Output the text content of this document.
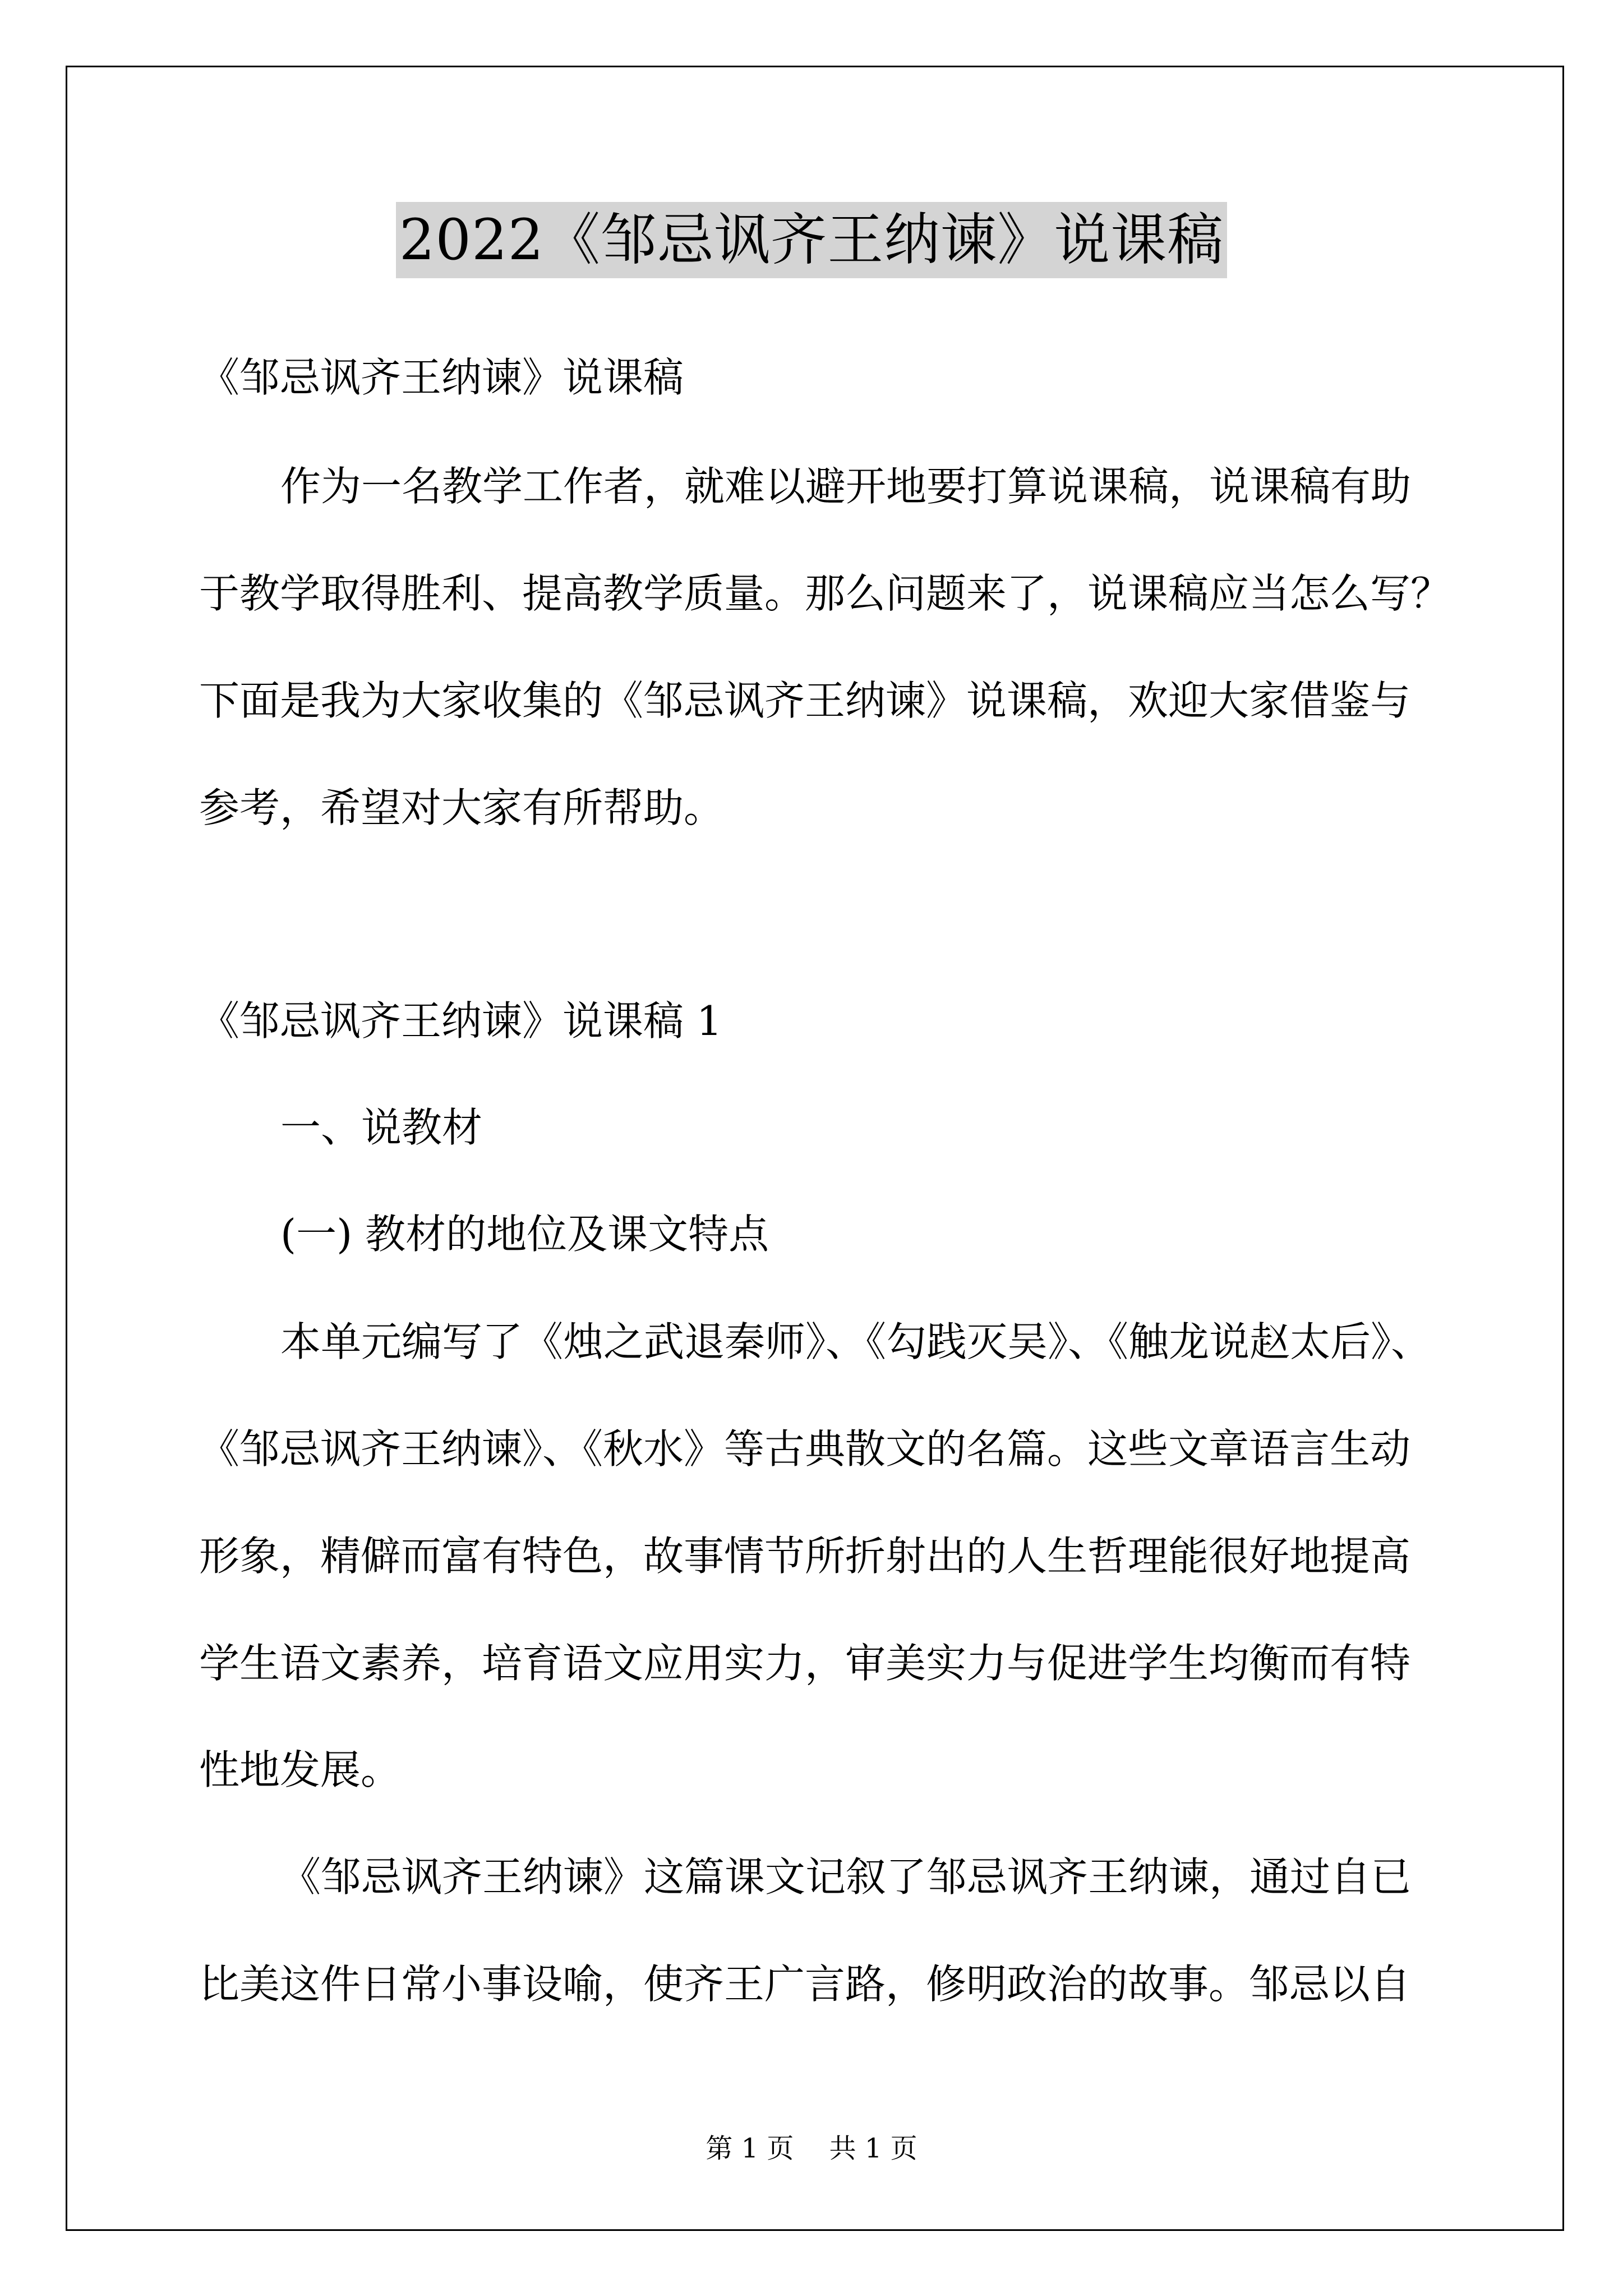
2022《邹忌讽齐王纳谏》说课稿
《邹忌讽齐王纳谏》说课稿
作为一名教学工作者，就难以避开地要打算说课稿，说课稿有助
于教学取得胜利、提高教学质量。那么问题来了，说课稿应当怎么写？
下面是我为大家收集的《邹忌讽齐王纳谏》说课稿，欢迎大家借鉴与
参考，希望对大家有所帮助。
《邹忌讽齐王纳谏》说课稿 1
一、说教材
(一) 教材的地位及课文特点
本单元编写了《烛之武退秦师》、《勾践灭吴》、《触龙说赵太后》、
《邹忌讽齐王纳谏》、《秋水》等古典散文的名篇。这些文章语言生动
形象，精僻而富有特色，故事情节所折射出的人生哲理能很好地提高
学生语文素养，培育语文应用实力，审美实力与促进学生均衡而有特
性地发展。
《邹忌讽齐王纳谏》这篇课文记叙了邹忌讽齐王纳谏，通过自已
比美这件日常小事设喻，使齐王广言路，修明政治的故事。邹忌以自
第 1 页　 共 1 页
